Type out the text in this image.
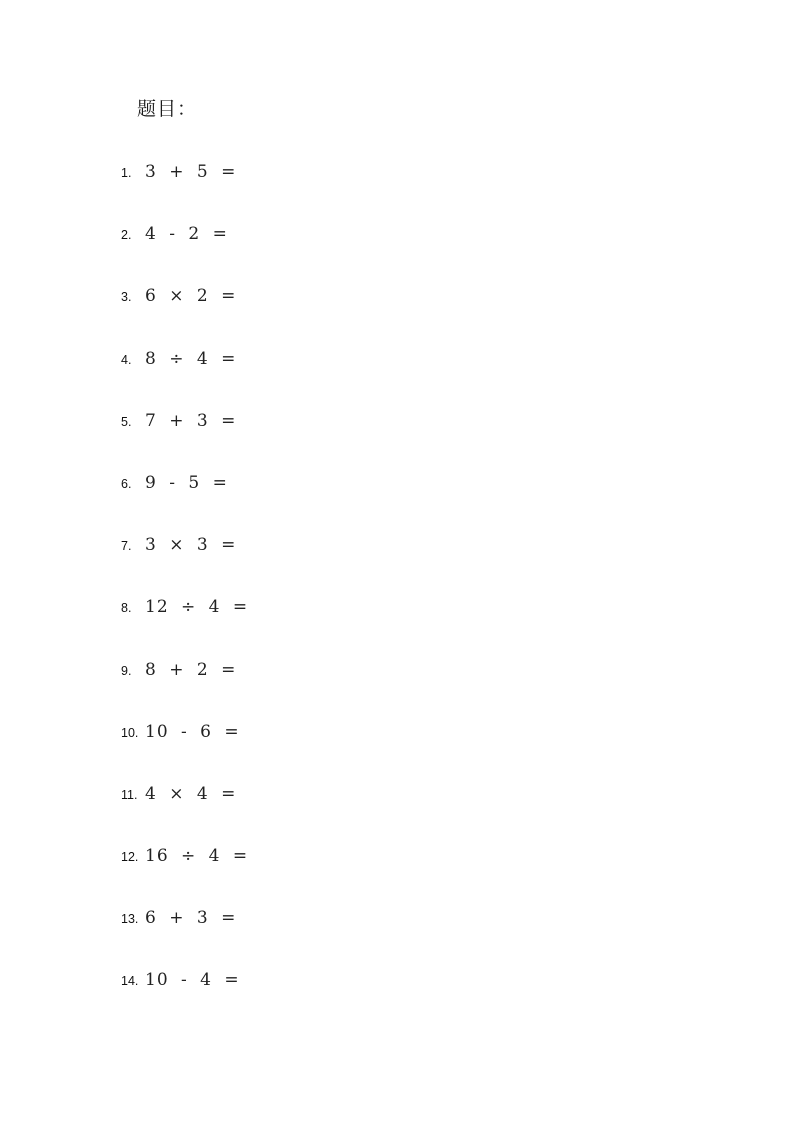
题目：
1. 3 + 5 =
2. 4 - 2 =
3. 6 × 2 =
4. 8 ÷ 4 =
5. 7 + 3 =
6. 9 - 5 =
7. 3 × 3 =
8. 12 ÷ 4 =
9. 8 + 2 =
10. 10 - 6 =
11. 4 × 4 =
12. 16 ÷ 4 =
13. 6 + 3 =
14. 10 - 4 =
